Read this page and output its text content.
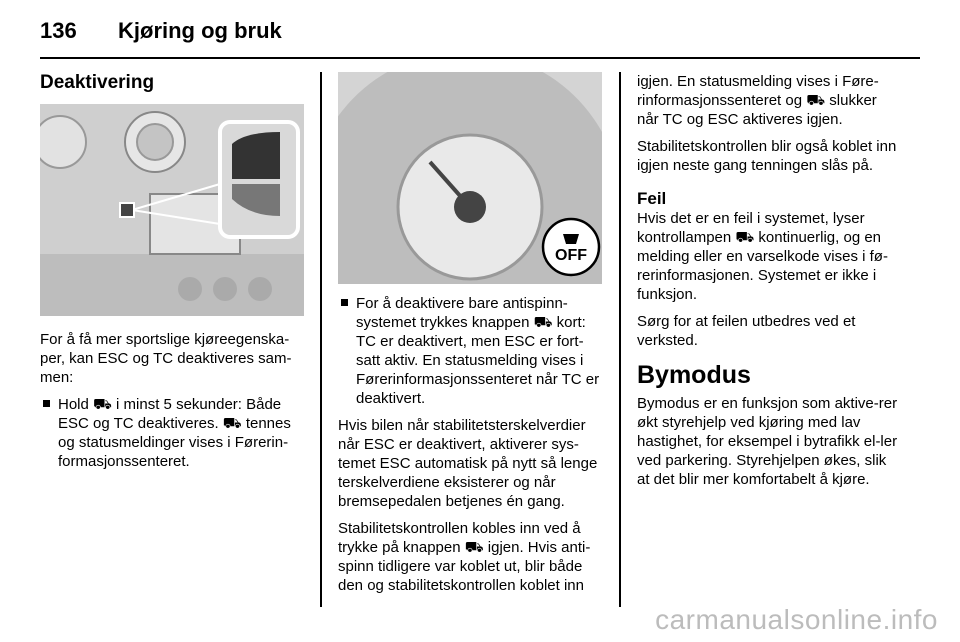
136 Kjøring og bruk
Deaktivering

For å få mer sportslige kjøreegenska-per, kan ESC og TC deaktiveres sam-men:

Hold ⛟ i minst 5 sekunder: Både ESC og TC deaktiveres. ⛟ tennes og statusmeldinger vises i Førerin-formasjonssenteret.
OFF
For å deaktivere bare antispinn-systemet trykkes knappen ⛟ kort: TC er deaktivert, men ESC er fort-satt aktiv. En statusmelding vises i Førerinformasjonssenteret når TC er deaktivert.

Hvis bilen når stabilitetsterskelverdier når ESC er deaktivert, aktiverer sys-temet ESC automatisk på nytt så lenge terskelverdiene eksisterer og når bremsepedalen betjenes én gang.

Stabilitetskontrollen kobles inn ved å trykke på knappen ⛟ igjen. Hvis anti-spinn tidligere var koblet ut, blir både den og stabilitetskontrollen koblet inn

igjen. En statusmelding vises i Føre-rinformasjonssenteret og ⛟ slukker når TC og ESC aktiveres igjen.

Stabilitetskontrollen blir også koblet inn igjen neste gang tenningen slås på.

Feil

Hvis det er en feil i systemet, lyser kontrollampen ⛟ kontinuerlig, og en melding eller en varselkode vises i fø-rerinformasjonen. Systemet er ikke i funksjon.

Sørg for at feilen utbedres ved et verksted.

Bymodus

Bymodus er en funksjon som aktive-rer økt styrehjelp ved kjøring med lav hastighet, for eksempel i bytrafikk el-ler ved parkering. Styrehjelpen økes, slik at det blir mer komfortabelt å kjøre.

carmanualsonline.info
